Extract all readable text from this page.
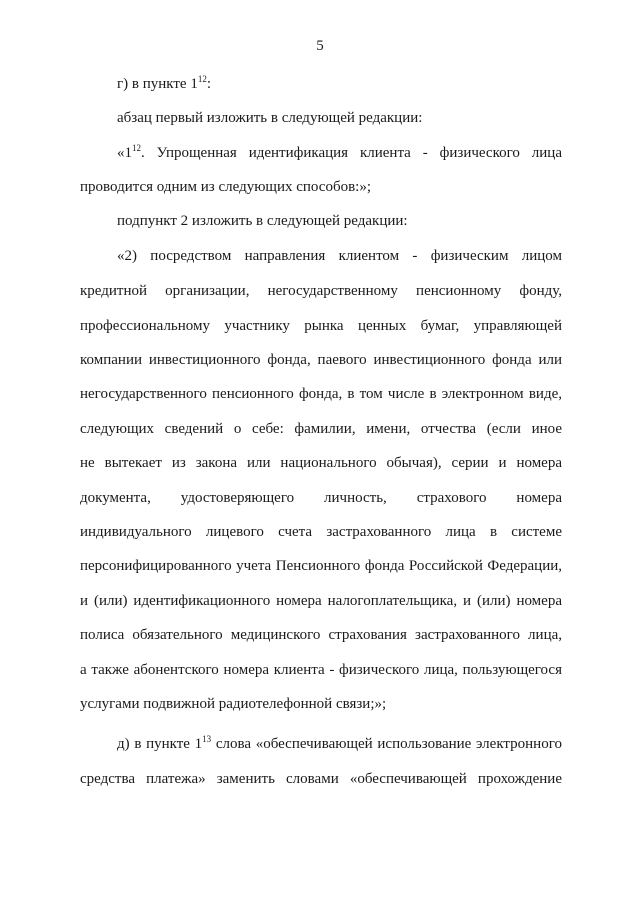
5
г) в пункте $1^{12}$:
абзац первый изложить в следующей редакции:
«$1^{12}$. Упрощенная идентификация клиента - физического лица
проводится одним из следующих способов:»;
подпункт 2 изложить в следующей редакции:
«2) посредством направления клиентом - физическим лицом
кредитной организации, негосударственному пенсионному фонду,
профессиональному участнику рынка ценных бумаг, управляющей
компании инвестиционного фонда, паевого инвестиционного фонда или
негосударственного пенсионного фонда, в том числе в электронном виде,
следующих сведений о себе: фамилии, имени, отчества (если иное
не вытекает из закона или национального обычая), серии и номера
документа, удостоверяющего личность, страхового номера
индивидуального лицевого счета застрахованного лица в системе
персонифицированного учета Пенсионного фонда Российской Федерации,
и (или) идентификационного номера налогоплательщика, и (или) номера
полиса обязательного медицинского страхования застрахованного лица,
а также абонентского номера клиента - физического лица, пользующегося
услугами подвижной радиотелефонной связи;»;
д) в пункте $1^{13}$ слова «обеспечивающей использование электронного
средства платежа» заменить словами «обеспечивающей прохождение
